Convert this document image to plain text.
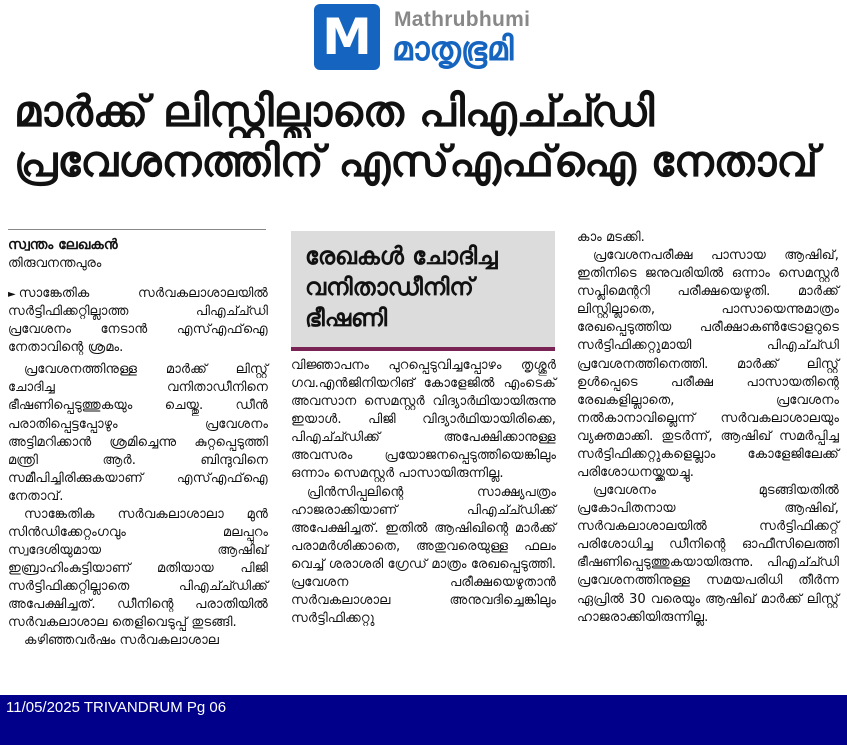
M Mathrubhumi
മാതൃഭൂമി
മാർക്ക് ലിസ്റ്റില്ലാതെ പിഎച്ച്ഡി
പ്രവേശനത്തിന് എസ്എഫ്ഐ നേതാവ്
സ്വന്തം ലേഖകൻ
തിരുവനന്തപുരം

► സാങ്കേതിക സർവകലാശാലയിൽ സർട്ടിഫിക്കറ്റില്ലാത്ത പിഎച്ച്ഡി പ്രവേശനം നേടാൻ എസ്എഫ്ഐ നേതാവിന്റെ ശ്രമം.

പ്രവേശനത്തിനുള്ള മാർക്ക് ലിസ്റ്റ് ചോദിച്ച വനിതാഡീനിനെ ഭീഷണിപ്പെടുത്തുകയും ചെയ്തു. ഡീൻ പരാതിപ്പെട്ടപ്പോഴും പ്രവേശനം അട്ടിമറിക്കാൻ ശ്രമിച്ചെന്നു കുറ്റപ്പെടുത്തി മന്ത്രി ആർ. ബിന്ദുവിനെ സമീപിച്ചിരിക്കുകയാണ് എസ്എഫ്ഐ നേതാവ്.

സാങ്കേതിക സർവകലാശാലാ മുൻ സിൻഡിക്കേറ്റംഗവും മലപ്പുറം സ്വദേശിയുമായ ആഷിഖ് ഇബ്രാഹിംകുട്ടിയാണ് മതിയായ പിജി സർട്ടിഫിക്കറ്റില്ലാതെ പിഎച്ച്ഡിക്ക് അപേക്ഷിച്ചത്. ഡീനിന്റെ പരാതിയിൽ സർവകലാശാല തെളിവെടുപ്പ് തുടങ്ങി.

കഴിഞ്ഞവർഷം സർവകലാശാല

രേഖകൾ ചോദിച്ച
വനിതാഡീനിന്
ഭീഷണി

വിജ്ഞാപനം പുറപ്പെടുവിച്ചപ്പോഴം തൃശ്ശൂർ ഗവ.എൻജിനിയറിങ് കോളേജിൽ എംടെക് അവസാന സെമസ്റ്റർ വിദ്യാർഥിയായിരുന്നു ഇയാൾ. പിജി വിദ്യാർഥിയായിരിക്കെ, പിഎച്ച്ഡിക്ക് അപേക്ഷിക്കാനുള്ള അവസരം പ്രയോജനപ്പെടുത്തിയെങ്കിലും ഒന്നാം സെമസ്റ്റർ പാസായിരുന്നില്ല.

പ്രിൻസിപ്പലിന്റെ സാക്ഷ്യപത്രം ഹാജരാക്കിയാണ് പിഎച്ച്ഡിക്ക് അപേക്ഷിച്ചത്. ഇതിൽ ആഷിഖിന്റെ മാർക്ക് പരാമർശിക്കാതെ, അതുവരെയുള്ള ഫലം വെച്ച് ശരാശരി ഗ്രേഡ് മാത്രം രേഖപ്പെടുത്തി. പ്രവേശന പരീക്ഷയെഴുതാൻ സർവകലാശാല അനുവദിച്ചെങ്കിലും സർട്ടിഫിക്കറ്റു

കാം മടക്കി.

പ്രവേശനപരീക്ഷ പാസായ ആഷിഖ്, ഇതിനിടെ ജനുവരിയിൽ ഒന്നാം സെമസ്റ്റർ സപ്ലിമെന്ററി പരീക്ഷയെഴുതി. മാർക്ക് ലിസ്റ്റില്ലാതെ, പാസായെന്നുമാത്രം രേഖപ്പെടുത്തിയ പരീക്ഷാകൺട്രോളറുടെ സർട്ടിഫിക്കറ്റുമായി പിഎച്ച്ഡി പ്രവേശനത്തിനെത്തി. മാർക്ക് ലിസ്റ്റ് ഉൾപ്പെടെ പരീക്ഷ പാസായതിന്റെ രേഖകളില്ലാതെ, പ്രവേശനം നൽകാനാവില്ലെന്ന് സർവകലാശാലയും വ്യക്തമാക്കി. തുടർന്ന്, ആഷിഖ് സമർപ്പിച്ച സർട്ടിഫിക്കറ്റുകളെല്ലാം കോളേജിലേക്ക് പരിശോധനയ്ക്കയച്ചു.

പ്രവേശനം മുടങ്ങിയതിൽ പ്രകോപിതനായ ആഷിഖ്, സർവകലാശാലയിൽ സർട്ടിഫിക്കറ്റ് പരിശോധിച്ച ഡീനിന്റെ ഓഫീസിലെത്തി ഭീഷണിപ്പെടുത്തുകയായിരുന്നു. പിഎച്ച്ഡി പ്രവേശനത്തിനുള്ള സമയപരിധി തീർന്ന ഏപ്രിൽ 30 വരെയും ആഷിഖ് മാർക്ക് ലിസ്റ്റ് ഹാജരാക്കിയിരുന്നില്ല.

11/05/2025 TRIVANDRUM Pg 06
